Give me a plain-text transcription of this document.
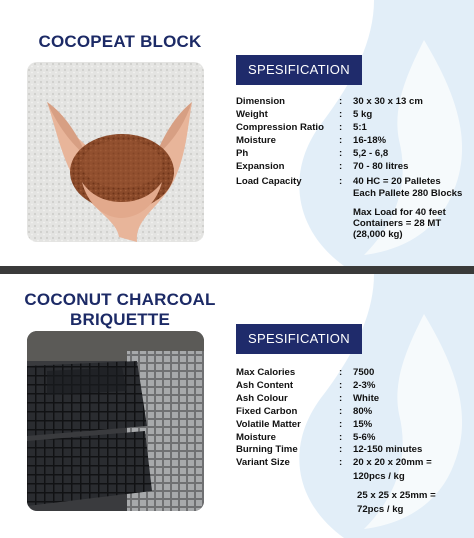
COCOPEAT BLOCK
SPESIFICATION
Dimension	:	30 x 30 x 13 cm
Weight	:	5 kg
Compression Ratio	:	5:1
Moisture	:	16-18%
Ph	:	5,2 - 6,8
Expansion	:	70 - 80 litres
Load Capacity	:	40 HC = 20 Palletes
Each Pallete 280 Blocks
Max Load for 40 feet
Containers = 28 MT
(28,000 kg)
COCONUT CHARCOAL
BRIQUETTE
SPESIFICATION
Max Calories	:	7500
Ash Content	:	2-3%
Ash Colour	:	White
Fixed Carbon	:	80%
Volatile Matter	:	15%
Moisture	:	5-6%
Burning Time	:	12-150 minutes
Variant Size	:	20 x 20 x 20mm =
120pcs / kg
25 x 25 x 25mm =
72pcs / kg
